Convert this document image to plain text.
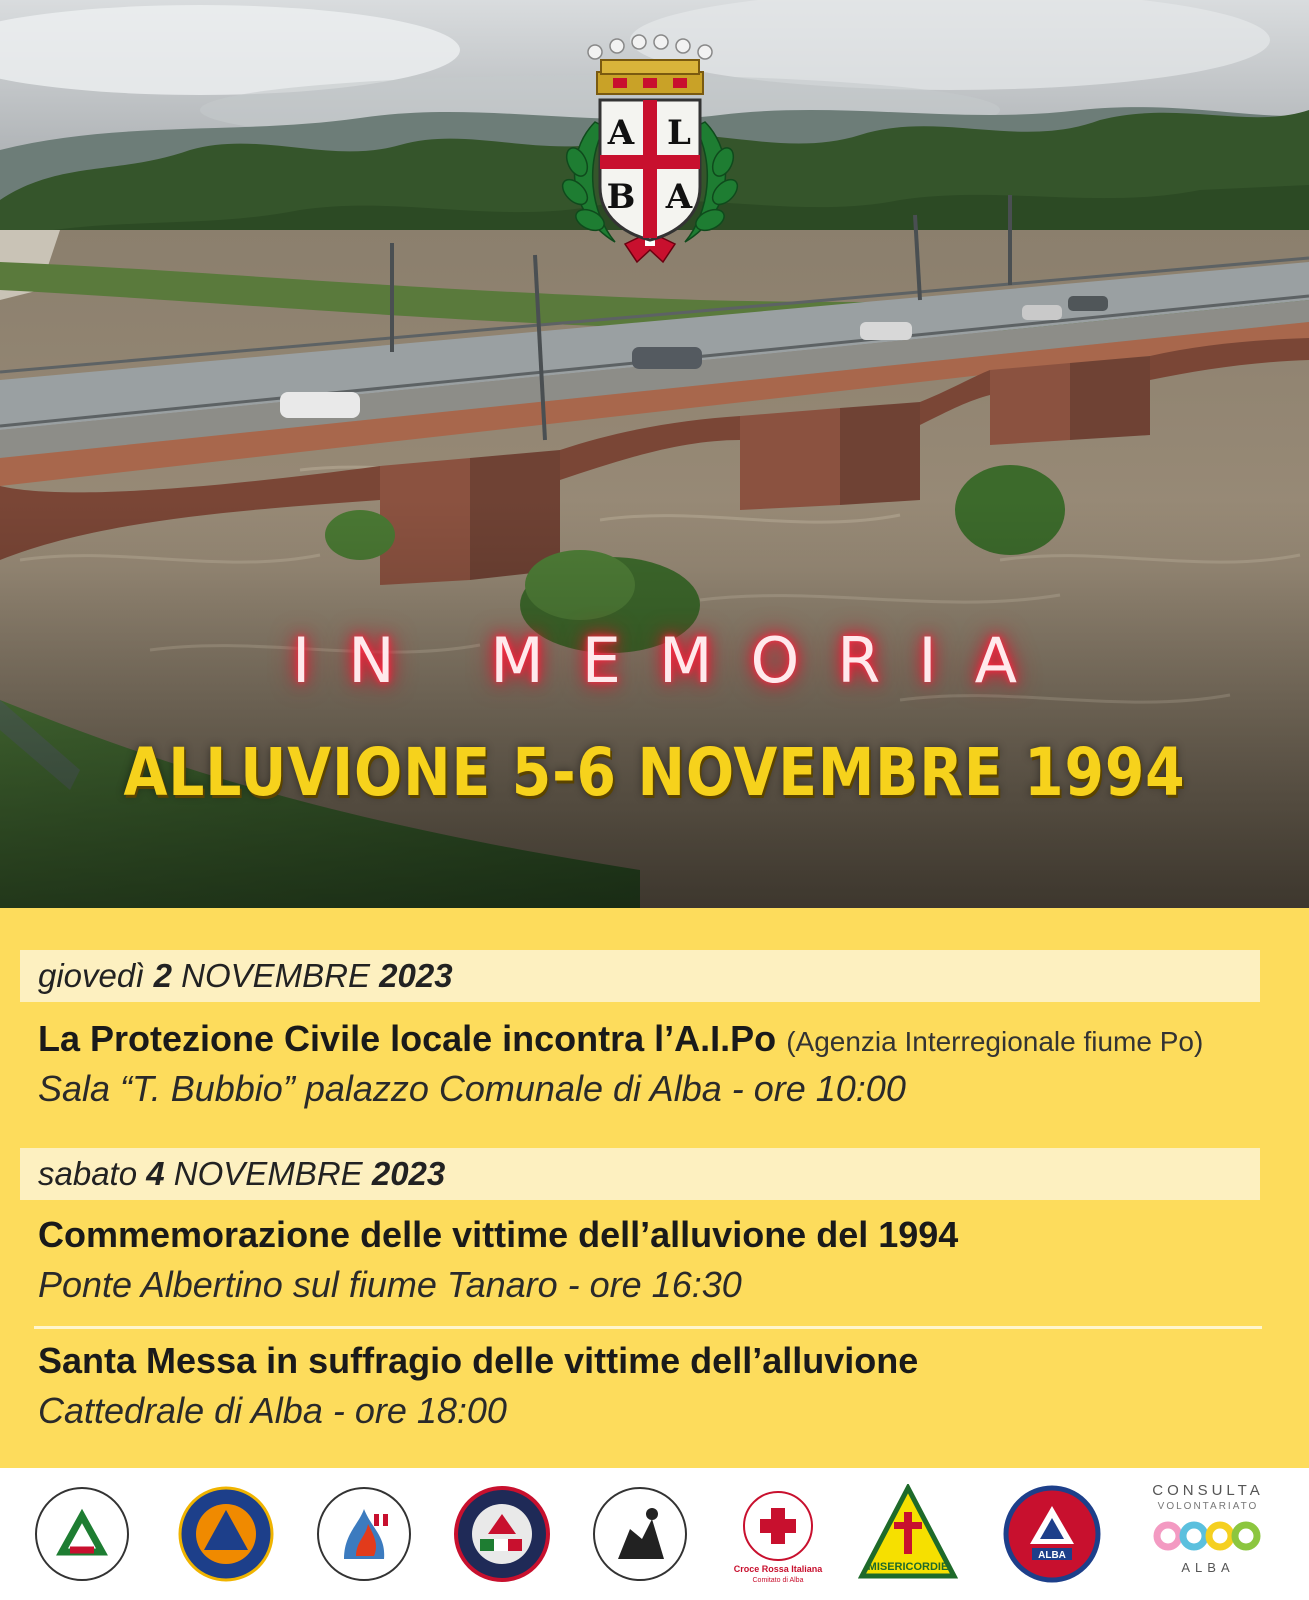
A L
B A
IN MEMORIA
ALLUVIONE 5-6 NOVEMBRE 1994
giovedì 2 NOVEMBRE 2023
La Protezione Civile locale incontra l’A.I.Po (Agenzia Interregionale fiume Po)
Sala “T. Bubbio” palazzo Comunale di Alba - ore 10:00
sabato 4 NOVEMBRE 2023
Commemorazione delle vittime dell’alluvione del 1994
Ponte Albertino sul fiume Tanaro - ore 16:30
Santa Messa in suffragio delle vittime dell’alluvione
Cattedrale di Alba - ore 18:00
Croce Rossa Italiana
Comitato di Alba
MISERICORDIE
ALBA
CONSULTA
VOLONTARIATO
ALBA
